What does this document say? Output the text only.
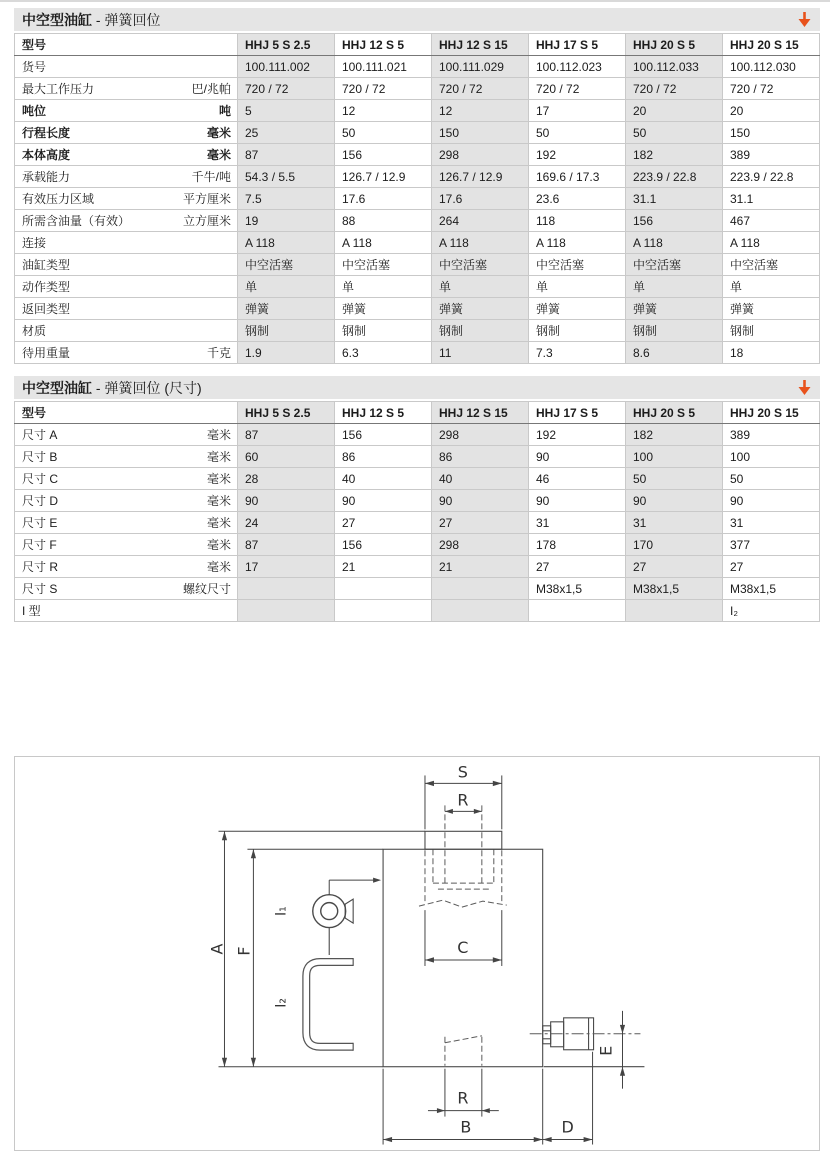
中空型油缸 - 弹簧回位
型号	HHJ 5 S 2.5	HHJ 12 S 5	HHJ 12 S 15	HHJ 17 S 5	HHJ 20 S 5	HHJ 20 S 15
货号	100.111.002	100.111.021	100.111.029	100.112.023	100.112.033	100.112.030
最大工作压力 巴/兆帕	720 / 72	720 / 72	720 / 72	720 / 72	720 / 72	720 / 72
吨位 吨	5	12	12	17	20	20
行程长度 毫米	25	50	150	50	50	150
本体高度 毫米	87	156	298	192	182	389
承载能力 千牛/吨	54.3 / 5.5	126.7 / 12.9	126.7 / 12.9	169.6 / 17.3	223.9 / 22.8	223.9 / 22.8
有效压力区域 平方厘米	7.5	17.6	17.6	23.6	31.1	31.1
所需含油量（有效） 立方厘米	19	88	264	118	156	467
连接	A 118	A 118	A 118	A 118	A 118	A 118
油缸类型	中空活塞	中空活塞	中空活塞	中空活塞	中空活塞	中空活塞
动作类型	单	单	单	单	单	单
返回类型	弹簧	弹簧	弹簧	弹簧	弹簧	弹簧
材质	钢制	钢制	钢制	钢制	钢制	钢制
待用重量 千克	1.9	6.3	11	7.3	8.6	18
中空型油缸 - 弹簧回位 (尺寸)
型号	HHJ 5 S 2.5	HHJ 12 S 5	HHJ 12 S 15	HHJ 17 S 5	HHJ 20 S 5	HHJ 20 S 15
尺寸 A 毫米	87	156	298	192	182	389
尺寸 B 毫米	60	86	86	90	100	100
尺寸 C 毫米	28	40	40	46	50	50
尺寸 D 毫米	90	90	90	90	90	90
尺寸 E 毫米	24	27	27	31	31	31
尺寸 F 毫米	87	156	298	178	170	377
尺寸 R 毫米	17	21	21	27	27	27
尺寸 S 螺纹尺寸				M38x1,5	M38x1,5	M38x1,5
I 型						I₂
S
R
C
A F
I₁
I₂
E
R
B	D
